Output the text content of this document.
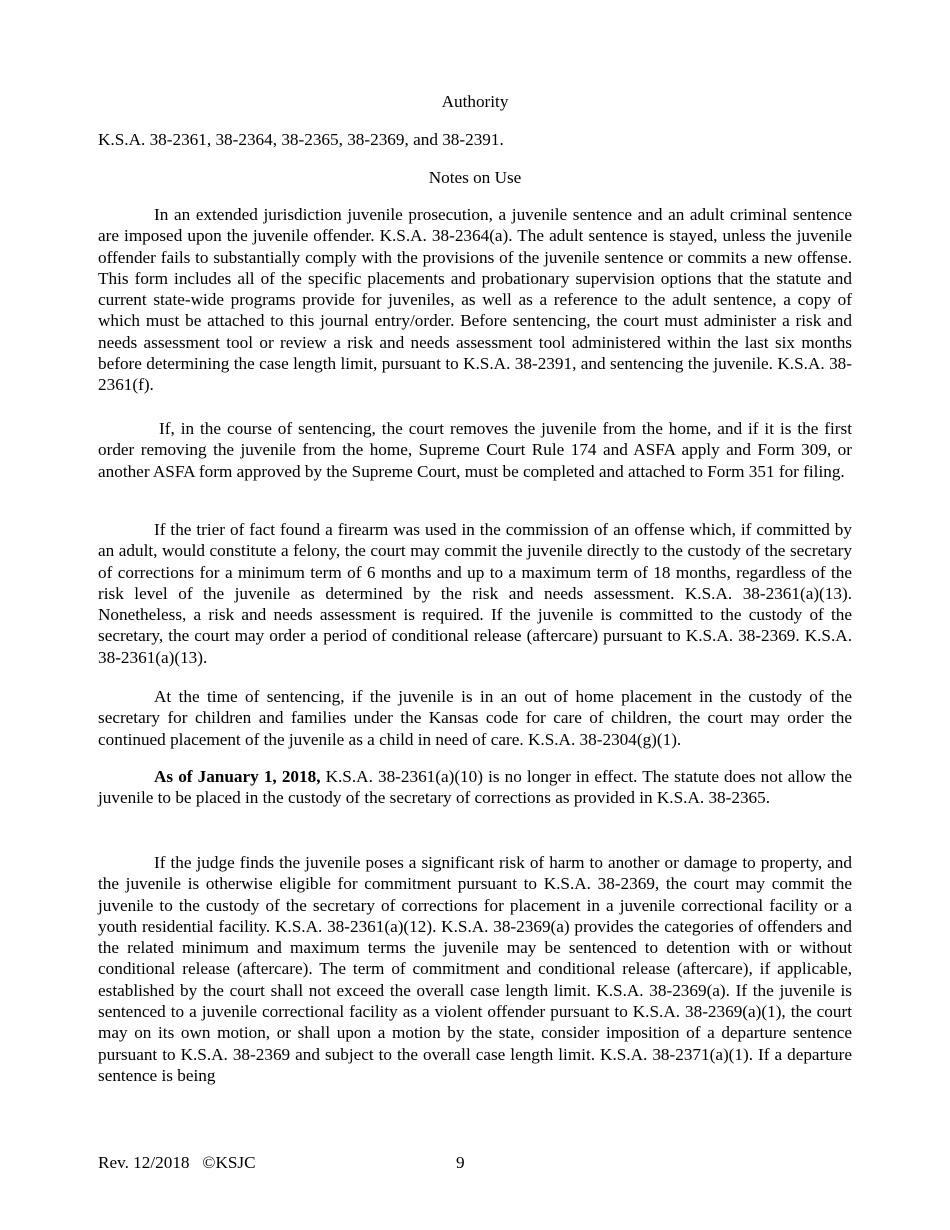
Authority
K.S.A. 38-2361, 38-2364, 38-2365, 38-2369, and 38-2391.
Notes on Use

In an extended jurisdiction juvenile prosecution, a juvenile sentence and an adult criminal sentence are imposed upon the juvenile offender. K.S.A. 38-2364(a). The adult sentence is stayed, unless the juvenile offender fails to substantially comply with the provisions of the juvenile sentence or commits a new offense. This form includes all of the specific placements and probationary supervision options that the statute and current state-wide programs provide for juveniles, as well as a reference to the adult sentence, a copy of which must be attached to this journal entry/order. Before sentencing, the court must administer a risk and needs assessment tool or review a risk and needs assessment tool administered within the last six months before determining the case length limit, pursuant to K.S.A. 38-2391, and sentencing the juvenile. K.S.A. 38-2361(f).

If, in the course of sentencing, the court removes the juvenile from the home, and if it is the first order removing the juvenile from the home, Supreme Court Rule 174 and ASFA apply and Form 309, or another ASFA form approved by the Supreme Court, must be completed and attached to Form 351 for filing.

If the trier of fact found a firearm was used in the commission of an offense which, if committed by an adult, would constitute a felony, the court may commit the juvenile directly to the custody of the secretary of corrections for a minimum term of 6 months and up to a maximum term of 18 months, regardless of the risk level of the juvenile as determined by the risk and needs assessment. K.S.A. 38-2361(a)(13). Nonetheless, a risk and needs assessment is required. If the juvenile is committed to the custody of the secretary, the court may order a period of conditional release (aftercare) pursuant to K.S.A. 38-2369. K.S.A. 38-2361(a)(13).

At the time of sentencing, if the juvenile is in an out of home placement in the custody of the secretary for children and families under the Kansas code for care of children, the court may order the continued placement of the juvenile as a child in need of care. K.S.A. 38-2304(g)(1).

As of January 1, 2018, K.S.A. 38-2361(a)(10) is no longer in effect. The statute does not allow the juvenile to be placed in the custody of the secretary of corrections as provided in K.S.A. 38-2365.

If the judge finds the juvenile poses a significant risk of harm to another or damage to property, and the juvenile is otherwise eligible for commitment pursuant to K.S.A. 38-2369, the court may commit the juvenile to the custody of the secretary of corrections for placement in a juvenile correctional facility or a youth residential facility. K.S.A. 38-2361(a)(12). K.S.A. 38-2369(a) provides the categories of offenders and the related minimum and maximum terms the juvenile may be sentenced to detention with or without conditional release (aftercare). The term of commitment and conditional release (aftercare), if applicable, established by the court shall not exceed the overall case length limit. K.S.A. 38-2369(a). If the juvenile is sentenced to a juvenile correctional facility as a violent offender pursuant to K.S.A. 38-2369(a)(1), the court may on its own motion, or shall upon a motion by the state, consider imposition of a departure sentence pursuant to K.S.A. 38-2369 and subject to the overall case length limit. K.S.A. 38-2371(a)(1). If a departure sentence is being

Rev. 12/2018   ©KSJC	9
